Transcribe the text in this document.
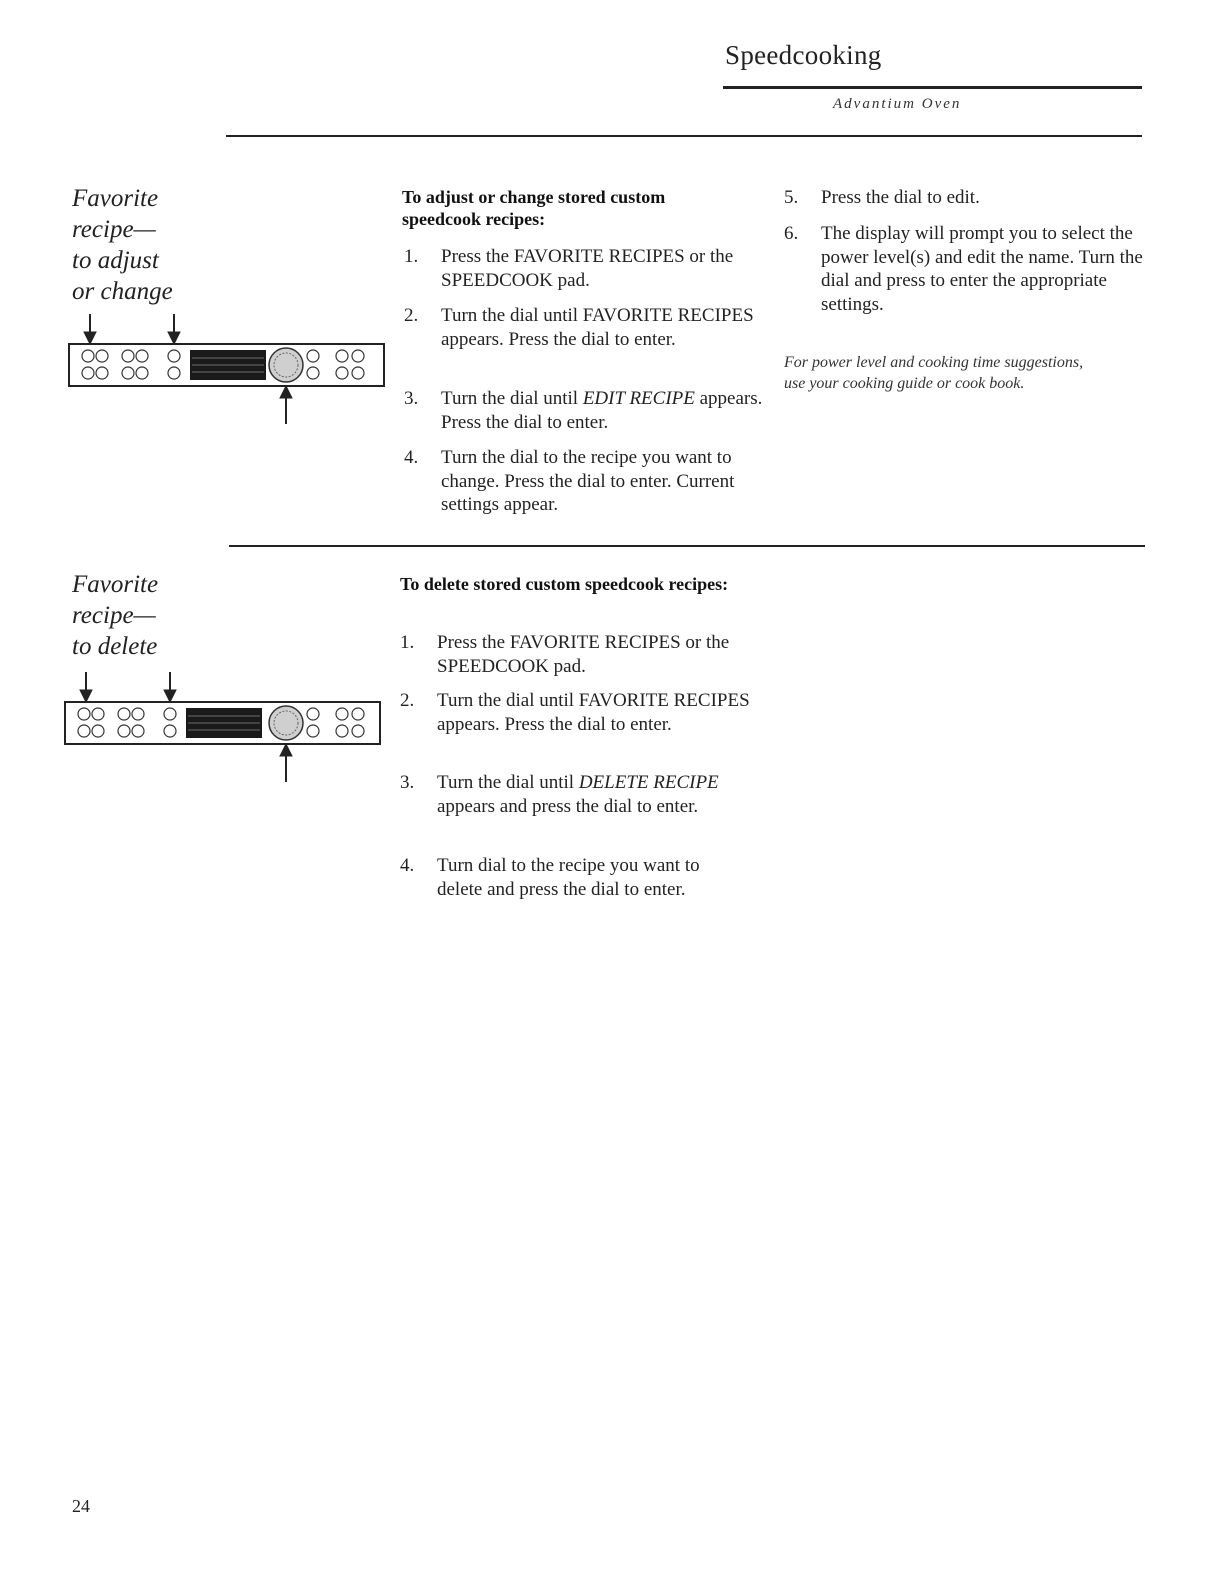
Speedcooking
Advantium Oven
Favorite
recipe—
to adjust
or change
To adjust or change stored custom speedcook recipes:
1.	Press the FAVORITE RECIPES or the SPEEDCOOK pad.
2.	Turn the dial until FAVORITE RECIPES appears. Press the dial to enter.
3.	Turn the dial until EDIT RECIPE appears. Press the dial to enter.
4.	Turn the dial to the recipe you want to change. Press the dial to enter. Current settings appear.
5.	Press the dial to edit.
6.	The display will prompt you to select the power level(s) and edit the name. Turn the dial and press to enter the appropriate settings.
For power level and cooking time suggestions, use your cooking guide or cook book.
Favorite
recipe—
to delete
To delete stored custom speedcook recipes:
1.	Press the FAVORITE RECIPES or the SPEEDCOOK pad.
2.	Turn the dial until FAVORITE RECIPES appears. Press the dial to enter.
3.	Turn the dial until DELETE RECIPE appears and press the dial to enter.
4.	Turn dial to the recipe you want to delete and press the dial to enter.
24
